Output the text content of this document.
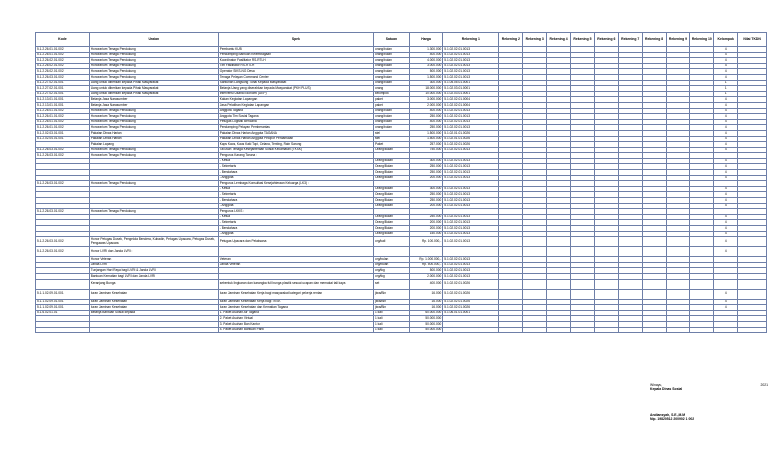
Kode	Uraian	Spek	Satuan	Harga	Rekening 1	Rekening 2	Rekening 3	Rekening 4	Rekening 5	Rekening 6	Rekening 7	Rekening 8	Rekening 9	Rekening 10	Kelompok	Nilai TKDN
5.1.2.26.01.01.002	Honorarium Tenaga Pendukung	Pembantu KUB	orang/bulan	1.300.000	5.1.02.02.01.0013										4	
5.1.2.26.01.01.002	Honorarium Tenaga Pendukung	Pendamping Bantuan Kelembagaan	orang/bulan	400.000	5.1.02.02.01.0013										4	
5.1.2.26.02.01.002	Honorarium Tenaga Pendukung	Koordinator Fasilitator RS-RTLH	orang/bulan	4.000.000	5.1.02.02.01.0013										4	
5.1.2.26.02.01.002	Honorarium Tenaga Pendukung	Tim Fasilitator RS-RTLH	orang/bulan	3.000.000	5.1.02.02.01.0013										4	
5.1.2.26.02.01.002	Honorarium Tenaga Pendukung	Operator SIKS-NG Desa	orang/bulan	500.000	5.1.02.02.01.0013										4	
5.1.2.26.03.01.002	Honorarium Tenaga Pendukung	Tenaga Pelayan Command Center	orang/bulan	1.500.000	5.1.02.02.01.0013										4	
5.1.2.27.02.01.001	Uang untuk diberikan kepada Pihak Masyarakat	Santunan Langsung Tunai Kepada Masyarakat	orang/bulan	300.000	5.1.05.05.01.0001										1	
5.1.2.27.02.01.001	Uang untuk diberikan kepada Pihak Masyarakat	Belanja Uang yang diserahkan kepada Masyarakat (PKH PLUS)	orang	18.000.000	5.1.02.03.01.0001										1	
5.1.2.27.02.01.001	Uang untuk diberikan kepada Pihak Masyarakat	Intervensi Usaha Ekonomi (UEP)	kelompok	10.000.000	5.1.02.03.01.0001										1	
5.1.2.13.01.01.001	Belanja Jasa Narasumber	Kakan Kegiatan Lapangan	paket	3.000.000	5.1.02.02.01.0004										4	
5.1.2.13.01.01.001	Belanja Jasa Narasumber	Jasa Pelatihan Kegiatan Lapangan	paket	2.000.000	5.1.02.02.01.0004										4	
5.1.2.26.01.01.002	Honorarium Tenaga Pendukung	Anggota Tagana	orang/bulan	400.000	5.1.02.02.01.0013										4	
5.1.2.26.01.01.002	Honorarium Tenaga Pendukung	Anggota Tim Sosial Tagana	orang/bulan	250.000	5.1.02.02.01.0013										4	
5.1.2.26.01.01.002	Honorarium Tenaga Pendukung	Petugas Logistik Bencana	orang/bulan	400.000	5.1.02.02.01.0013										4	
5.1.2.26.01.01.002	Honorarium Tenaga Pendukung	Pendamping Pelayan Pemberantas	orang/bulan	250.000	5.1.02.02.01.0013										4	
5.1.2.02.03.01.001	Pakaian Dinas Harian	Pakaian Dinas Harian Anggota TAGANA	stel	1.500.000	5.1.02.01.01.0026										4	
5.1.2.02.04.01.001	Pakaian Dinas Harian	Pakaian Dinas Harian Anggota Pelopor Perdamaian	stel	1.500.000	5.1.02.01.01.0026										4	
	Pakaian Lapang	Kaps Kaos, Kaus Kaki Topi, Celana, Tenting, Rain Sarung	Paket	257.000	5.1.02.02.01.0026										4	
5.1.2.26.03.01.002	Honorarium Tenaga Pendukung	Tali Asih Tenaga Kesejahteraan Sosial Kecamatan (TKSK)	Orang/Bulan	750.000	5.1.02.02.01.0013										4	
5.1.2.26.03.01.002	Honorarium Tenaga Pendukung	Pengurus Karang Taruna :														
		- Ketua	Orang/Bulan	300.000	5.1.02.02.01.0013										4	
		- Sekretaris	Orang/Bulan	250.000	5.1.02.02.01.0013										4	
		- Bendahara	Orang/Bulan	250.000	5.1.02.02.01.0013										4	
		- Anggota	Orang/Bulan	200.000	5.1.02.02.01.0013										4	
5.1.2.26.03.01.002	Honorarium Tenaga Pendukung	Pengurus Lembaga Konsultasi Kesejahteraan Keluarga (LK3) :														
		- Ketua	Orang/Bulan	300.000	5.1.02.02.01.0013										4	
		- Sekretaris	Orang/Bulan	250.000	5.1.02.02.01.0013										4	
		- Bendahara	Orang/Bulan	250.000	5.1.02.02.01.0013										4	
		- Anggota	Orang/Bulan	200.000	5.1.02.02.01.0013										4	
5.1.2.26.03.01.002	Honorarium Tenaga Pendukung	Pengurus LKKS :														
		- Ketua	Orang/Bulan	250.000	5.1.02.02.01.0013										4	
		- Sekretaris	Orang/Bulan	200.000	5.1.02.02.01.0013										4	
		- Bendahara	Orang/Bulan	200.000	5.1.02.02.01.0013										4	
		- Anggota	Orang/Bulan	150.000	5.1.02.02.01.0013										4	
5.1.2.26.03.01.002	Honor Petugas Dusek, Pengelola Bendera, Kubadin, Petugas Upacara, Petugas Dusek, Pengawas Upacara	Petugas Upacara dan Pelaksana	org/kali	Rp. 100.000,-	5.1.02.02.01.0013										4	
5.1.2.26.03.01.002	Honor LVRI dan Janda LVRI :														4	
	Honor Veteran	Veteran	org/bulan	Rp. 1.000.000,-	5.1.02.02.01.0013											
	Janda LVRI	Janda Veteran	org/bulan	Rp. 500.000,-	5.1.02.02.01.0013											
	Tunjangan Hari Raya bagi LVRI & Janda LVRI		org/tkg	500.000	5.1.02.02.01.0013											
	Bantuan Kematian bagi LVRI dan Janda LVRI		org/tkg	2.000.000	5.1.02.02.01.0013											
	Keranjang Bunga	sebentuk lingkaran dan karangka full bunga plastik sesuai ucapan dan memakai tali kaya	set	400.000	5.1.02.02.01.0026											
5.1.1.02.09.01.001	Iuran Jaminan Kesehatan	Iuran Jaminan Kesehatan Kerja bagi masyarakat kategori pekerja rentan	jiwa/Bln	16.000	5.1.02.02.01.0026										4	
5.1.1.02.09.01.001	Iuran Jaminan Kesehatan	Iuran Jaminan Kesehatan Kerja bagi TKSK	jiwa/Bln	16.000	5.1.02.02.01.0026										4	
5.1.1.02.09.01.001	Iuran Jaminan Kesehatan	Iuran Jaminan Kesehatan dan Kematian Tagana	jiwa/Bln	16.000	5.1.02.02.01.0026										4	
5.1.6.02.01.01	Belanja Bantuan Sosial kepada	1. Paket Asuhan Air Tagana	1 kali	60.000.000	5.1.06.01.01.0001											
		2. Paket Asuhan Virtual	1 kali	50.000.000												
		3. Paket Asuhan Ban Kantor	1 kali	50.000.000												
		4. Paket Asuhan Bantuan Panti	1 kali	50.000.000												
Winayu,	2021
Kepala Dinas Sosial
Andiansyah, S.E.,M.M
Nip. 19820512 200902 1 002
